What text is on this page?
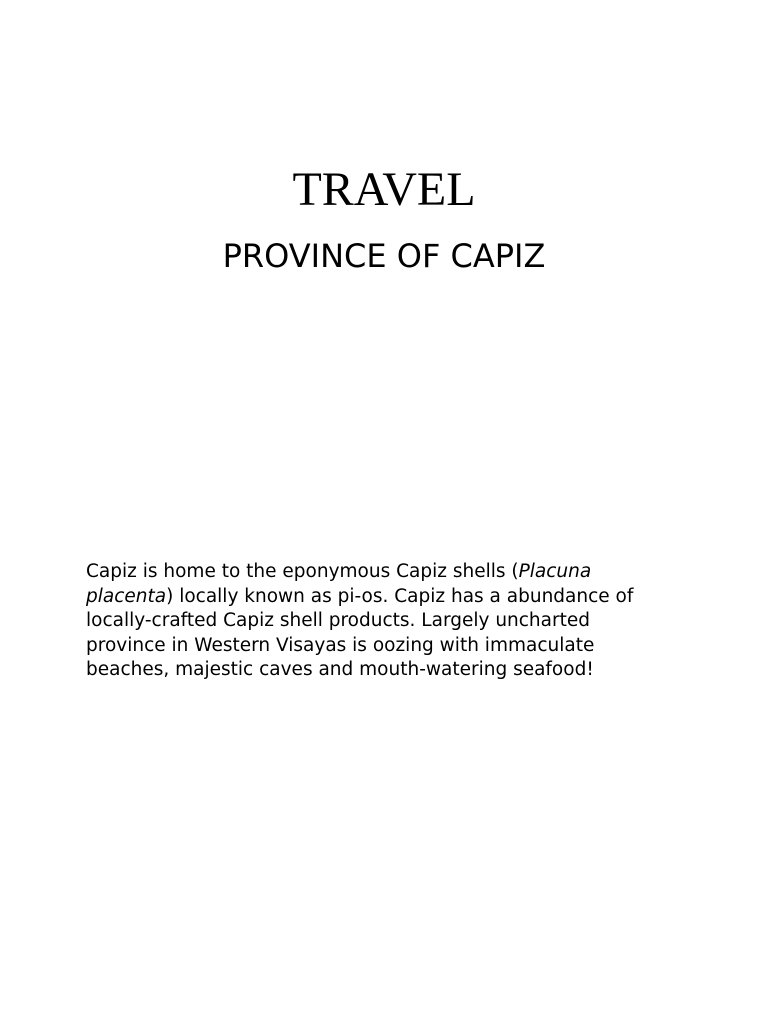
TRAVEL
PROVINCE OF CAPIZ
Capiz is home to the eponymous Capiz shells (Placuna placenta) locally known as pi-os. Capiz has a abundance of locally-crafted Capiz shell products. Largely uncharted province in Western Visayas is oozing with immaculate beaches, majestic caves and mouth-watering seafood!
